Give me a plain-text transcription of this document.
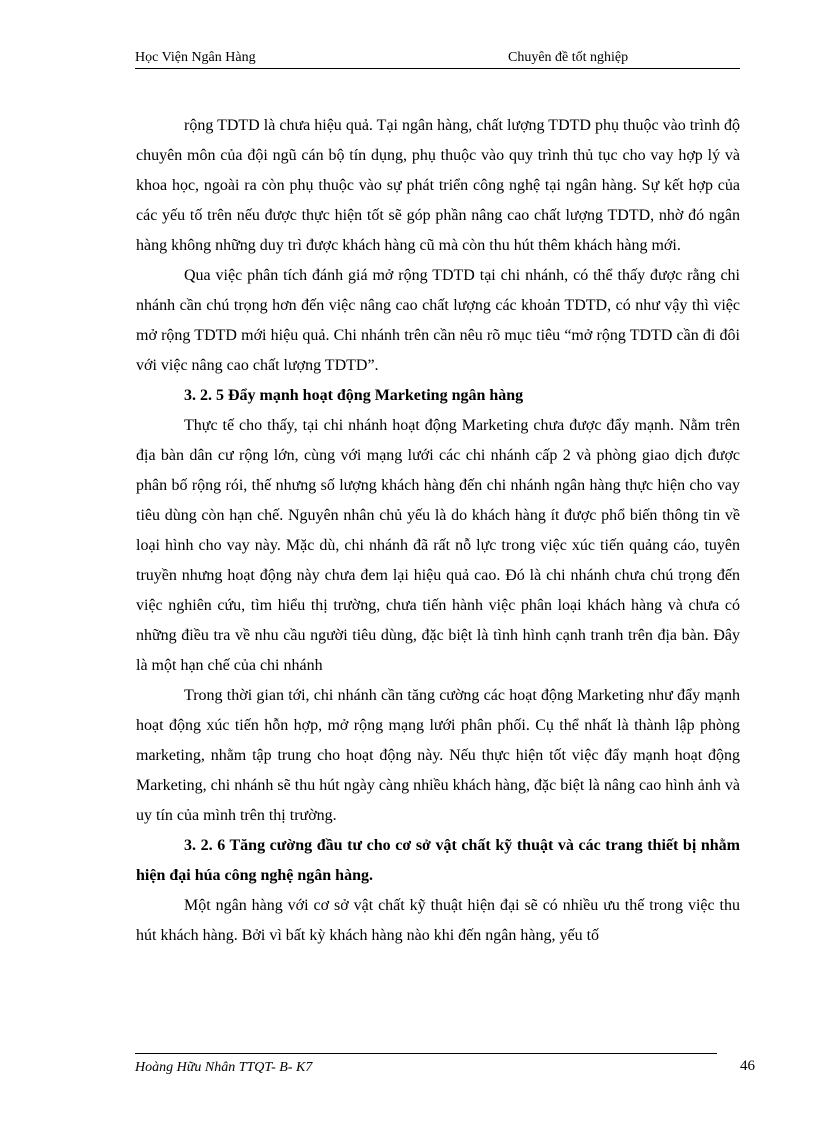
Học Viện Ngân Hàng	Chuyên đề tốt nghiệp

rộng TDTD là chưa hiệu quả. Tại ngân hàng, chất lượng TDTD phụ thuộc vào trình độ chuyên môn của đội ngũ cán bộ tín dụng, phụ thuộc vào quy trình thủ tục cho vay hợp lý và khoa học, ngoài ra còn phụ thuộc vào sự phát triển công nghệ tại ngân hàng. Sự kết hợp của các yếu tố trên nếu được thực hiện tốt sẽ góp phần nâng cao chất lượng TDTD, nhờ đó ngân hàng không những duy trì được khách hàng cũ mà còn thu hút thêm khách hàng mới.

Qua việc phân tích đánh giá mở rộng TDTD tại chi nhánh, có thể thấy được rằng chi nhánh cần chú trọng hơn đến việc nâng cao chất lượng các khoản TDTD, có như vậy thì việc mở rộng TDTD mới hiệu quả. Chi nhánh trên cần nêu rõ mục tiêu “mở rộng TDTD cần đi đôi với việc nâng cao chất lượng TDTD”.

3. 2. 5 Đẩy mạnh hoạt động Marketing ngân hàng

Thực tế cho thấy, tại chi nhánh hoạt động Marketing chưa được đẩy mạnh. Nằm trên địa bàn dân cư rộng lớn, cùng với mạng lưới các chi nhánh cấp 2 và phòng giao dịch được phân bố rộng rói, thế nhưng số lượng khách hàng đến chi nhánh ngân hàng thực hiện cho vay tiêu dùng còn hạn chế. Nguyên nhân chủ yếu là do khách hàng ít được phổ biến thông tin về loại hình cho vay này. Mặc dù, chi nhánh đã rất nỗ lực trong việc xúc tiến quảng cáo, tuyên truyền nhưng hoạt động này chưa đem lại hiệu quả cao. Đó là chi nhánh chưa chú trọng đến việc nghiên cứu, tìm hiểu thị trường, chưa tiến hành việc phân loại khách hàng và chưa có những điều tra về nhu cầu người tiêu dùng, đặc biệt là tình hình cạnh tranh trên địa bàn. Đây là một hạn chế của chi nhánh

Trong thời gian tới, chi nhánh cần tăng cường các hoạt động Marketing như đẩy mạnh hoạt động xúc tiến hỗn hợp, mở rộng mạng lưới phân phối. Cụ thể nhất là thành lập phòng marketing, nhằm tập trung cho hoạt động này. Nếu thực hiện tốt việc đẩy mạnh hoạt động Marketing, chi nhánh sẽ thu hút ngày càng nhiều khách hàng, đặc biệt là nâng cao hình ảnh và uy tín của mình trên thị trường.

3. 2. 6 Tăng cường đầu tư cho cơ sở vật chất kỹ thuật và các trang thiết bị nhằm hiện đại húa công nghệ ngân hàng.

Một ngân hàng với cơ sở vật chất kỹ thuật hiện đại sẽ có nhiều ưu thế trong việc thu hút khách hàng. Bởi vì bất kỳ khách hàng nào khi đến ngân hàng, yếu tố

Hoàng Hữu Nhân TTQT- B- K7	46
